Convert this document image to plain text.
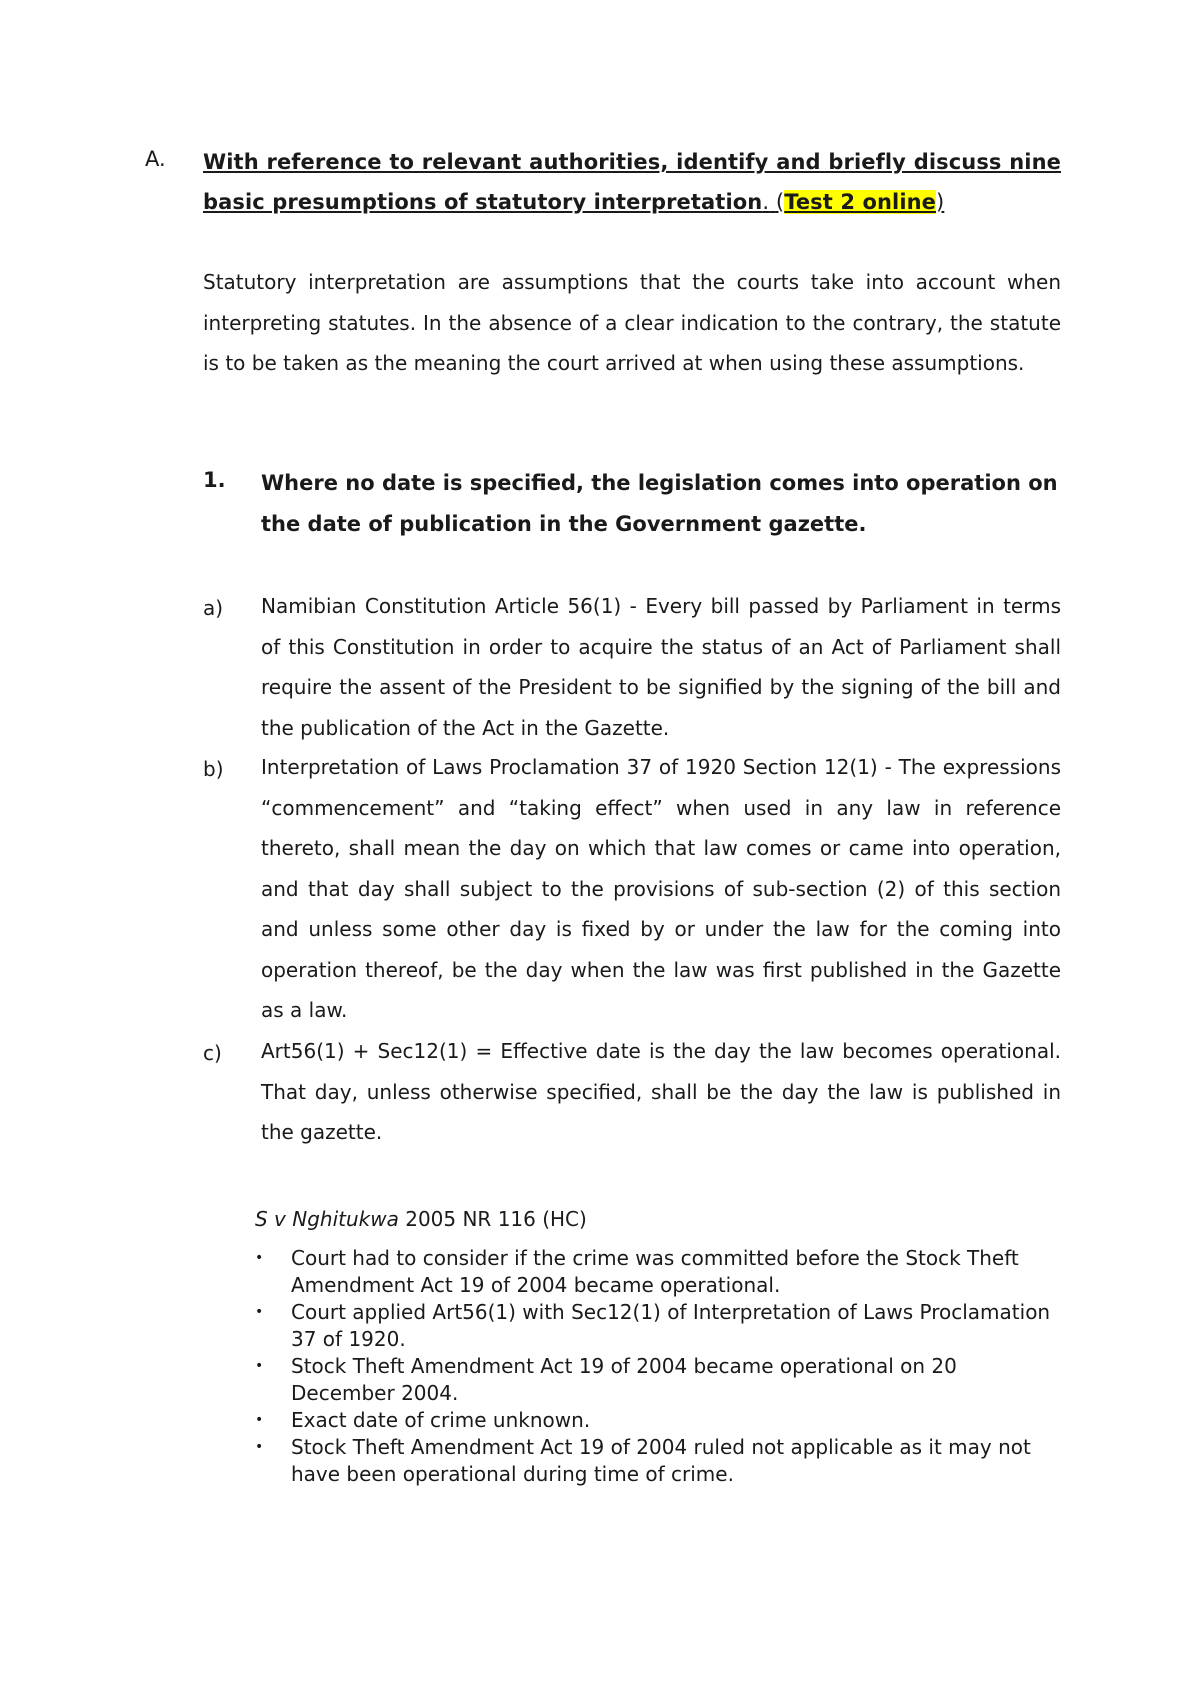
A. With reference to relevant authorities, identify and briefly discuss nine basic presumptions of statutory interpretation. (Test 2 online)
Statutory interpretation are assumptions that the courts take into account when interpreting statutes. In the absence of a clear indication to the contrary, the statute is to be taken as the meaning the court arrived at when using these assumptions.
1. Where no date is specified, the legislation comes into operation on the date of publication in the Government gazette.
a) Namibian Constitution Article 56(1) - Every bill passed by Parliament in terms of this Constitution in order to acquire the status of an Act of Parliament shall require the assent of the President to be signified by the signing of the bill and the publication of the Act in the Gazette.
b) Interpretation of Laws Proclamation 37 of 1920 Section 12(1) - The expressions “commencement” and “taking effect” when used in any law in reference thereto, shall mean the day on which that law comes or came into operation, and that day shall subject to the provisions of sub-section (2) of this section and unless some other day is fixed by or under the law for the coming into operation thereof, be the day when the law was first published in the Gazette as a law.
c) Art56(1) + Sec12(1) = Effective date is the day the law becomes operational. That day, unless otherwise specified, shall be the day the law is published in the gazette.
S v Nghitukwa 2005 NR 116 (HC)
• Court had to consider if the crime was committed before the Stock Theft Amendment Act 19 of 2004 became operational.
• Court applied Art56(1) with Sec12(1) of Interpretation of Laws Proclamation 37 of 1920.
• Stock Theft Amendment Act 19 of 2004 became operational on 20 December 2004.
• Exact date of crime unknown.
• Stock Theft Amendment Act 19 of 2004 ruled not applicable as it may not have been operational during time of crime.
